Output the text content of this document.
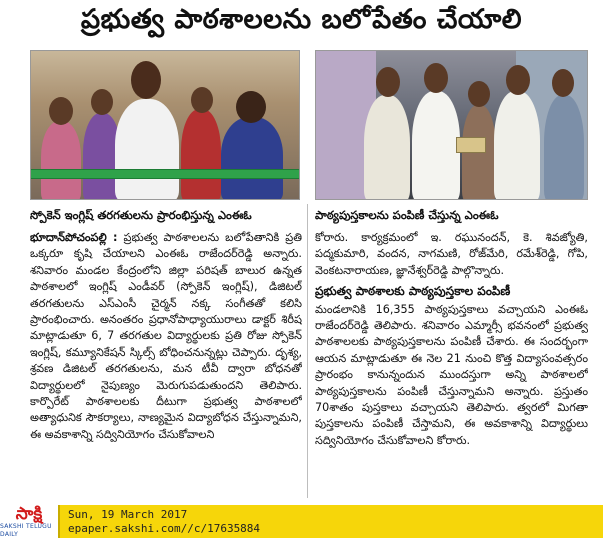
ప్రభుత్వ పాఠశాలలను బలోపేతం చేయాలి
స్పోకెన్ ఇంగ్లిష్ తరగతులను ప్రారంభిస్తున్న ఎంఈఓ	పాఠ్యపుస్తకాలను పంపిణీ చేస్తున్న ఎంఈఓ
భూదాన్‌పోచంపల్లి : ప్రభుత్వ పాఠశాలలను బలోపేతానికి ప్రతి ఒక్కరూ కృషి చేయాలని ఎంఈఓ రాజేందర్‌రెడ్డి అన్నారు. శనివారం మండల కేంద్రంలోని జిల్లా పరిషత్ బాలుర ఉన్నత పాఠశాలలో ఇంగ్లిష్ ఎండీవర్ (స్పోకెన్ ఇంగ్లిష్), డిజిటల్ తరగతులను ఎస్‌ఎంసీ చైర్మన్ నక్క సంగీతతో కలిసి ప్రారంభించారు. అనంతరం ప్రధానోపాధ్యాయురాలు డాక్టర్ శిరీష మాట్లాడుతూ 6, 7 తరగతుల విద్యార్థులకు ప్రతి రోజు స్పోకెన్ ఇంగ్లిష్, కమ్యూనికేషన్ స్కిల్స్ బోధించనున్నట్లు చెప్పారు. దృశ్య, శ్రవణ డిజిటల్ తరగతులను, మన టీవీ ద్వారా బోధనతో విద్యార్థులలో నైపుణ్యం మెరుగుపడుతుందని తెలిపారు. కార్పొరేట్ పాఠశాలలకు దీటుగా ప్రభుత్వ పాఠశాలలో అత్యాధునిక సౌకర్యాలు, నాణ్యమైన విద్యాబోధన చేస్తున్నామని, ఈ అవకాశాన్ని సద్వినియోగం చేసుకోవాలని
కోరారు. కార్యక్రమంలో ఇ. రఘునందన్, కె. శివజ్యోతి, పద్మకుమారి, వందన, నాగమణి, రోజ్‌మేరి, రమేశ్‌రెడ్డి, గోపి, వెంకటనారాయణ, జ్ఞానేశ్వర్‌రెడ్డి పాల్గొన్నారు.
ప్రభుత్వ పాఠశాలకు పాఠ్యపుస్తకాల పంపిణీ
మండలానికి 16,355 పాఠ్యపుస్తకాలు వచ్చాయని ఎంఈఓ రాజేందర్‌రెడ్డి తెలిపారు. శనివారం ఎమ్మార్సీ భవనంలో ప్రభుత్వ పాఠశాలలకు పాఠ్యపుస్తకాలను పంపిణీ చేశారు. ఈ సందర్భంగా ఆయన మాట్లాడుతూ ఈ నెల 21 నుంచి కొత్త విద్యాసంవత్సరం ప్రారంభం కానున్నందున ముందస్తుగా అన్ని పాఠశాలలో పాఠ్యపుస్తకాలను పంపిణీ చేస్తున్నామని అన్నారు. ప్రస్తుతం 70శాతం పుస్తకాలు వచ్చాయని తెలిపారు. త్వరలో మిగతా పుస్తకాలను పంపిణీ చేస్తామని, ఈ అవకాశాన్ని విద్యార్థులు సద్వినియోగం చేసుకోవాలని కోరారు.
సాక్షి
SAKSHI TELUGU DAILY
Sun, 19 March 2017
epaper.sakshi.com//c/17635884
